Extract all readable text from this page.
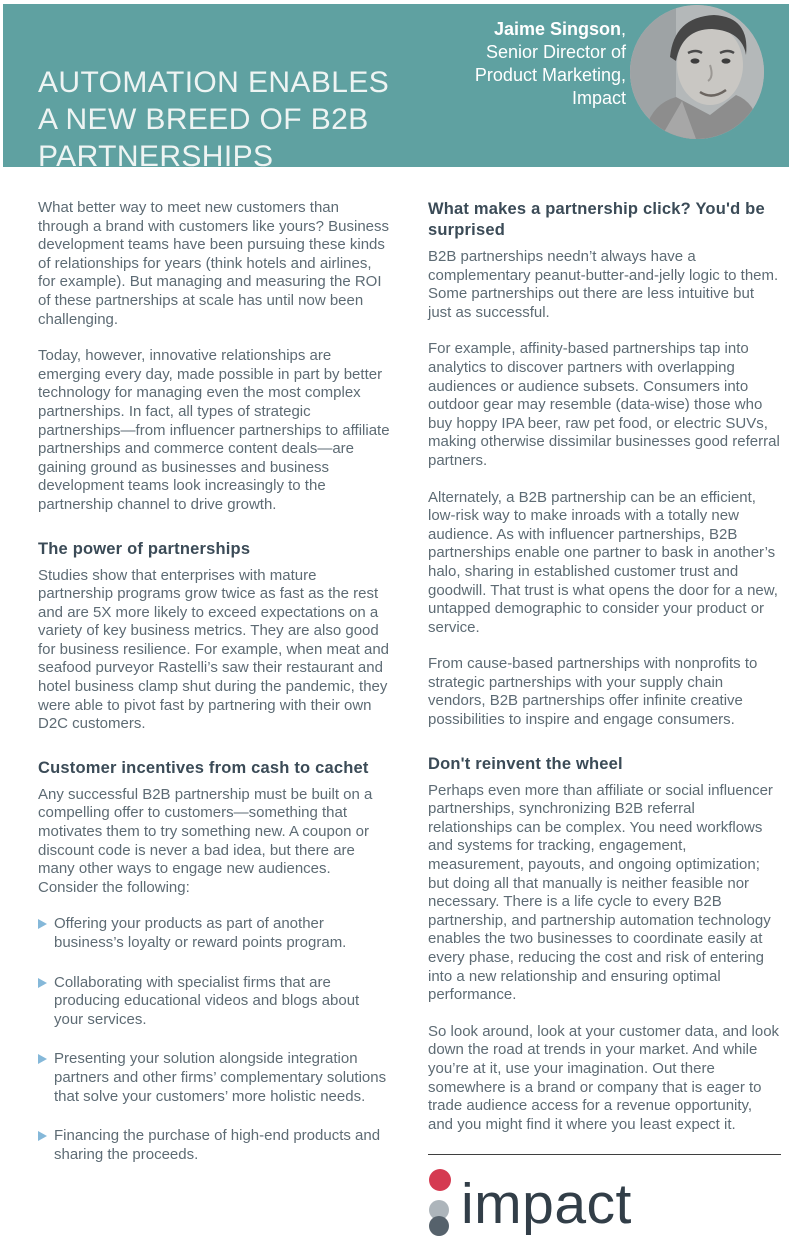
AUTOMATION ENABLES
A NEW BREED OF B2B
PARTNERSHIPS
Jaime Singson,
Senior Director of
Product Marketing,
Impact

What better way to meet new customers than through a brand with customers like yours? Business development teams have been pursuing these kinds of relationships for years (think hotels and airlines, for example). But managing and measuring the ROI of these partnerships at scale has until now been challenging.

Today, however, innovative relationships are emerging every day, made possible in part by better technology for managing even the most complex partnerships. In fact, all types of strategic partnerships—from influencer partnerships to affiliate partnerships and commerce content deals—are gaining ground as businesses and business development teams look increasingly to the partnership channel to drive growth.

The power of partnerships

Studies show that enterprises with mature partnership programs grow twice as fast as the rest and are 5X more likely to exceed expectations on a variety of key business metrics. They are also good for business resilience. For example, when meat and seafood purveyor Rastelli’s saw their restaurant and hotel business clamp shut during the pandemic, they were able to pivot fast by partnering with their own D2C customers.

Customer incentives from cash to cachet

Any successful B2B partnership must be built on a compelling offer to customers—something that motivates them to try something new. A coupon or discount code is never a bad idea, but there are many other ways to engage new audiences. Consider the following:

Offering your products as part of another business’s loyalty or reward points program.
Collaborating with specialist firms that are producing educational videos and blogs about your services.
Presenting your solution alongside integration partners and other firms’ complementary solutions that solve your customers’ more holistic needs.
Financing the purchase of high-end products and sharing the proceeds.
What makes a partnership click? You'd be surprised

B2B partnerships needn’t always have a complementary peanut-butter-and-jelly logic to them. Some partnerships out there are less intuitive but just as successful.

For example, affinity-based partnerships tap into analytics to discover partners with overlapping audiences or audience subsets. Consumers into outdoor gear may resemble (data-wise) those who buy hoppy IPA beer, raw pet food, or electric SUVs, making otherwise dissimilar businesses good referral partners.

Alternately, a B2B partnership can be an efficient, low-risk way to make inroads with a totally new audience. As with influencer partnerships, B2B partnerships enable one partner to bask in another’s halo, sharing in established customer trust and goodwill. That trust is what opens the door for a new, untapped demographic to consider your product or service.

From cause-based partnerships with nonprofits to strategic partnerships with your supply chain vendors, B2B partnerships offer infinite creative possibilities to inspire and engage consumers.

Don't reinvent the wheel

Perhaps even more than affiliate or social influencer partnerships, synchronizing B2B referral relationships can be complex. You need workflows and systems for tracking, engagement, measurement, payouts, and ongoing optimization; but doing all that manually is neither feasible nor necessary. There is a life cycle to every B2B partnership, and partnership automation technology enables the two businesses to coordinate easily at every phase, reducing the cost and risk of entering into a new relationship and ensuring optimal performance.

So look around, look at your customer data, and look down the road at trends in your market. And while you’re at it, use your imagination. Out there somewhere is a brand or company that is eager to trade audience access for a revenue opportunity, and you might find it where you least expect it.

impact
